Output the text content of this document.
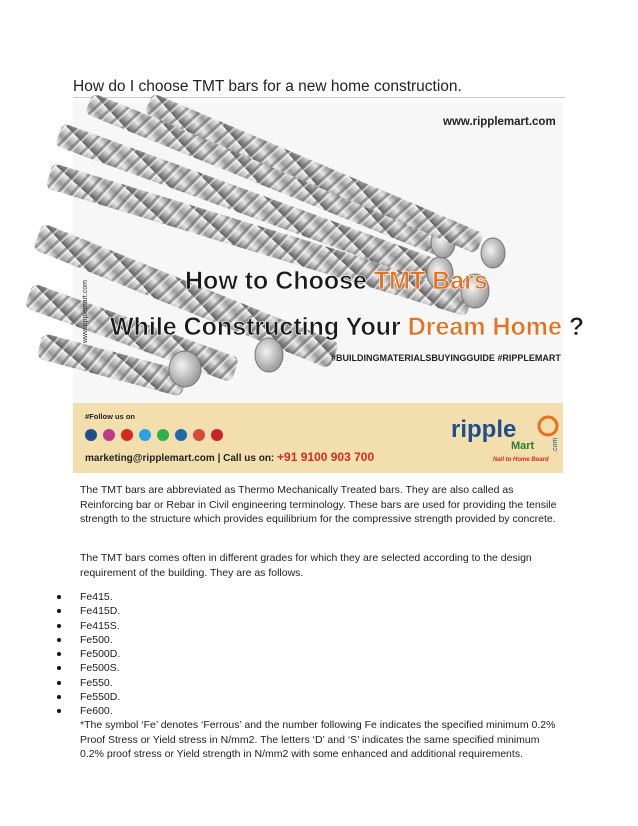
How do I choose TMT bars for a new home construction.
www.ripplemart.com
www.ripplemart.com	How to Choose TMT Bars
While Constructing Your Dream Home ?
#BUILDINGMATERIALSBUYINGGUIDE #RIPPLEMART
#Follow us on
marketing@ripplemart.com | Call us on: +91 9100 903 700
ripple
Mart	.com
Nail to Home Board
The TMT bars are abbreviated as Thermo Mechanically Treated bars. They are also called as Reinforcing bar or Rebar in Civil engineering terminology. These bars are used for providing the tensile strength to the structure which provides equilibrium for the compressive strength provided by concrete.
The TMT bars comes often in different grades for which they are selected according to the design requirement of the building. They are as follows.
Fe415.
Fe415D.
Fe415S.
Fe500.
Fe500D.
Fe500S.
Fe550.
Fe550D.
Fe600.
*The symbol ‘Fe’ denotes ‘Ferrous’ and the number following Fe indicates the specified minimum 0.2% Proof Stress or Yield stress in N/mm2. The letters ‘D’ and ‘S’ indicates the same specified minimum 0.2% proof stress or Yield strength in N/mm2 with some enhanced and additional requirements.
